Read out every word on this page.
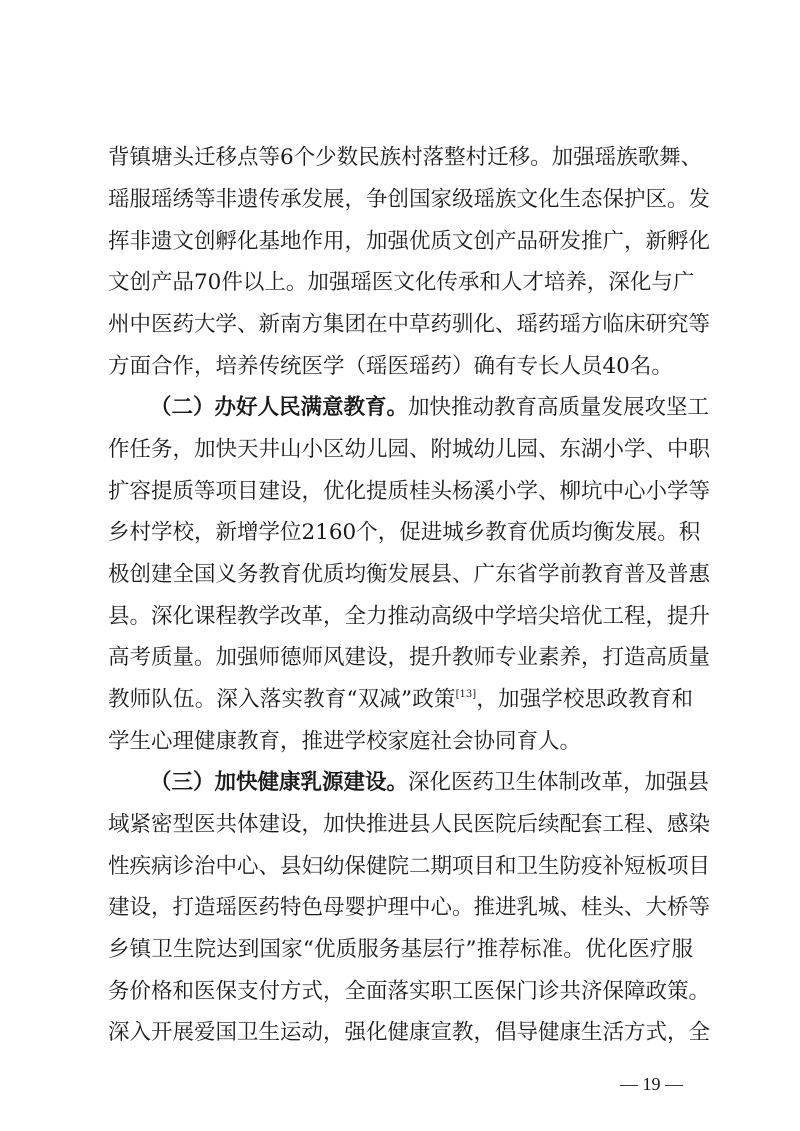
背镇塘头迁移点等6个少数民族村落整村迁移。加强瑶族歌舞、
瑶服瑶绣等非遗传承发展，争创国家级瑶族文化生态保护区。发
挥非遗文创孵化基地作用，加强优质文创产品研发推广，新孵化
文创产品70件以上。加强瑶医文化传承和人才培养，深化与广
州中医药大学、新南方集团在中草药驯化、瑶药瑶方临床研究等
方面合作，培养传统医学（瑶医瑶药）确有专长人员40名。
（二）办好人民满意教育。加快推动教育高质量发展攻坚工
作任务，加快天井山小区幼儿园、附城幼儿园、东湖小学、中职
扩容提质等项目建设，优化提质桂头杨溪小学、柳坑中心小学等
乡村学校，新增学位2160个，促进城乡教育优质均衡发展。积
极创建全国义务教育优质均衡发展县、广东省学前教育普及普惠
县。深化课程教学改革，全力推动高级中学培尖培优工程，提升
高考质量。加强师德师风建设，提升教师专业素养，打造高质量
教师队伍。深入落实教育“双减”政策[13]，加强学校思政教育和
学生心理健康教育，推进学校家庭社会协同育人。
（三）加快健康乳源建设。深化医药卫生体制改革，加强县
域紧密型医共体建设，加快推进县人民医院后续配套工程、感染
性疾病诊治中心、县妇幼保健院二期项目和卫生防疫补短板项目
建设，打造瑶医药特色母婴护理中心。推进乳城、桂头、大桥等
乡镇卫生院达到国家“优质服务基层行”推荐标准。优化医疗服
务价格和医保支付方式，全面落实职工医保门诊共济保障政策。
深入开展爱国卫生运动，强化健康宣教，倡导健康生活方式，全
— 19 —
